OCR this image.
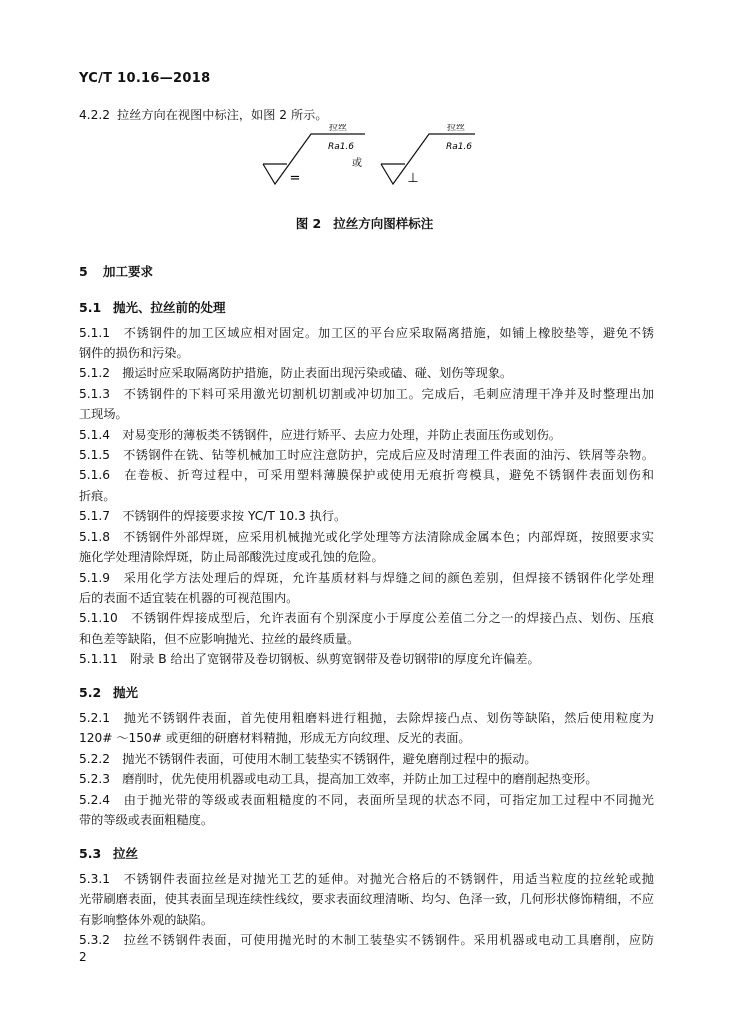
YC/T 10.16—2018
4.2.2 拉丝方向在视图中标注，如图 2 所示。
拉丝
Ra1.6
=
或
拉丝
Ra1.6
⊥
图 2 拉丝方向图样标注
5 加工要求
5.1 抛光、拉丝前的处理
5.1.1　不锈钢件的加工区域应相对固定。加工区的平台应采取隔离措施，如铺上橡胶垫等，避免不锈
钢件的损伤和污染。
5.1.2　搬运时应采取隔离防护措施，防止表面出现污染或磕、碰、划伤等现象。
5.1.3　不锈钢件的下料可采用激光切割机切割或冲切加工。完成后，毛刺应清理干净并及时整理出加
工现场。
5.1.4　对易变形的薄板类不锈钢件，应进行矫平、去应力处理，并防止表面压伤或划伤。
5.1.5　不锈钢件在铣、钻等机械加工时应注意防护，完成后应及时清理工件表面的油污、铁屑等杂物。
5.1.6　在卷板、折弯过程中，可采用塑料薄膜保护或使用无痕折弯模具，避免不锈钢件表面划伤和
折痕。
5.1.7　不锈钢件的焊接要求按 YC/T 10.3 执行。
5.1.8　不锈钢件外部焊斑，应采用机械抛光或化学处理等方法清除成金属本色；内部焊斑，按照要求实
施化学处理清除焊斑，防止局部酸洗过度或孔蚀的危险。
5.1.9　采用化学方法处理后的焊斑，允许基质材料与焊缝之间的颜色差别，但焊接不锈钢件化学处理
后的表面不适宜装在机器的可视范围内。
5.1.10　不锈钢件焊接成型后，允许表面有个别深度小于厚度公差值二分之一的焊接凸点、划伤、压痕
和色差等缺陷，但不应影响抛光、拉丝的最终质量。
5.1.11　附录 B 给出了宽钢带及卷切钢板、纵剪宽钢带及卷切钢带Ⅰ的厚度允许偏差。
5.2 抛光
5.2.1　抛光不锈钢件表面，首先使用粗磨料进行粗抛，去除焊接凸点、划伤等缺陷，然后使用粒度为
120# ～150# 或更细的研磨材料精抛，形成无方向纹理、反光的表面。
5.2.2　抛光不锈钢件表面，可使用木制工装垫实不锈钢件，避免磨削过程中的振动。
5.2.3　磨削时，优先使用机器或电动工具，提高加工效率，并防止加工过程中的磨削起热变形。
5.2.4　由于抛光带的等级或表面粗糙度的不同，表面所呈现的状态不同，可指定加工过程中不同抛光
带的等级或表面粗糙度。
5.3 拉丝
5.3.1　不锈钢件表面拉丝是对抛光工艺的延伸。对抛光合格后的不锈钢件，用适当粒度的拉丝轮或抛
光带刷磨表面，使其表面呈现连续性线纹，要求表面纹理清晰、均匀、色泽一致，几何形状修饰精细，不应
有影响整体外观的缺陷。
5.3.2　拉丝不锈钢件表面，可使用抛光时的木制工装垫实不锈钢件。采用机器或电动工具磨削，应防
2
